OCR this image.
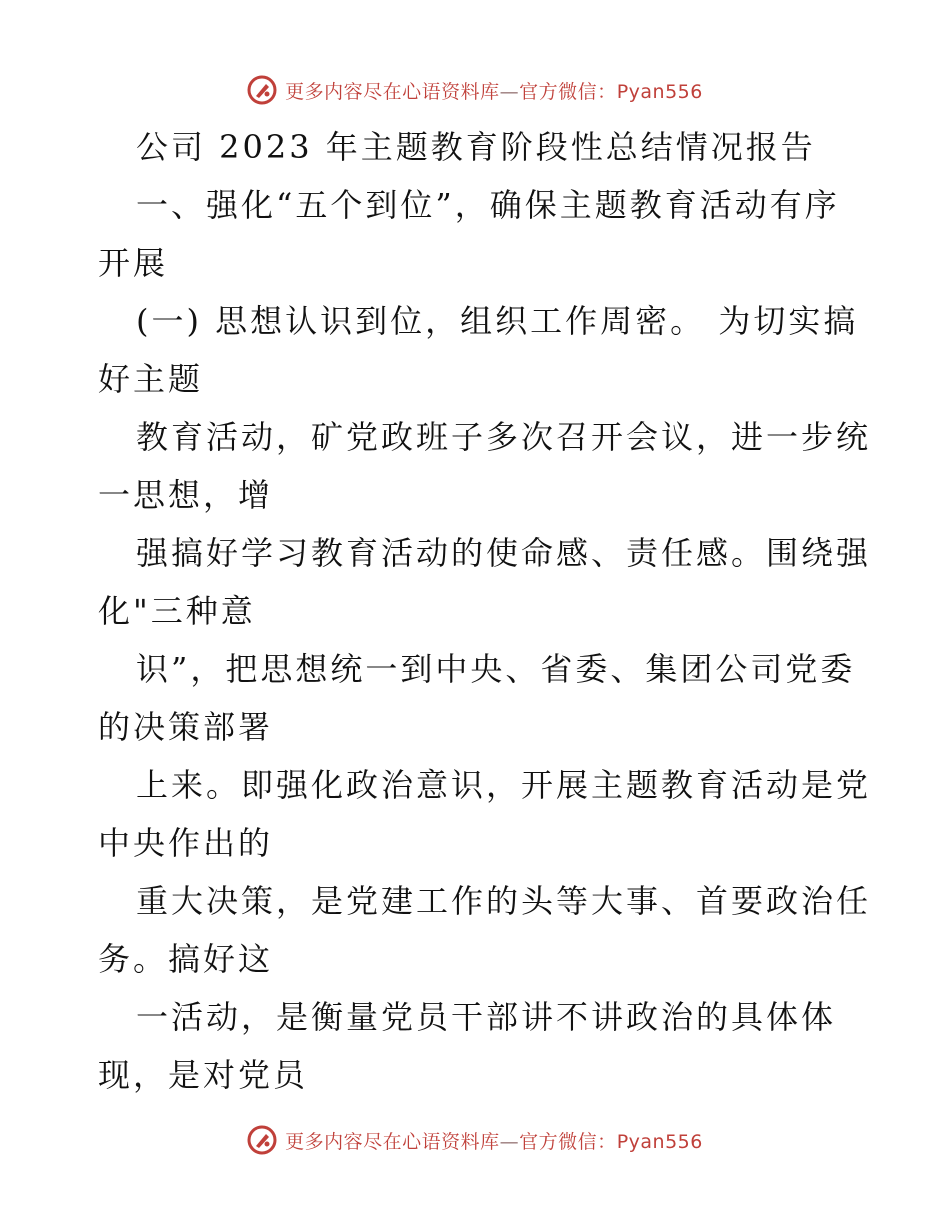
更多内容尽在心语资料库—官方微信：Pyan556
公司 2023 年主题教育阶段性总结情况报告
一、强化“五个到位”，确保主题教育活动有序
开展
(一) 思想认识到位，组织工作周密。 为切实搞
好主题
教育活动，矿党政班子多次召开会议，进一步统
一思想，增
强搞好学习教育活动的使命感、责任感。围绕强
化"三种意
识”，把思想统一到中央、省委、集团公司党委
的决策部署
上来。即强化政治意识，开展主题教育活动是党
中央作出的
重大决策，是党建工作的头等大事、首要政治任
务。搞好这
一活动，是衡量党员干部讲不讲政治的具体体
现，是对党员
更多内容尽在心语资料库—官方微信：Pyan556
